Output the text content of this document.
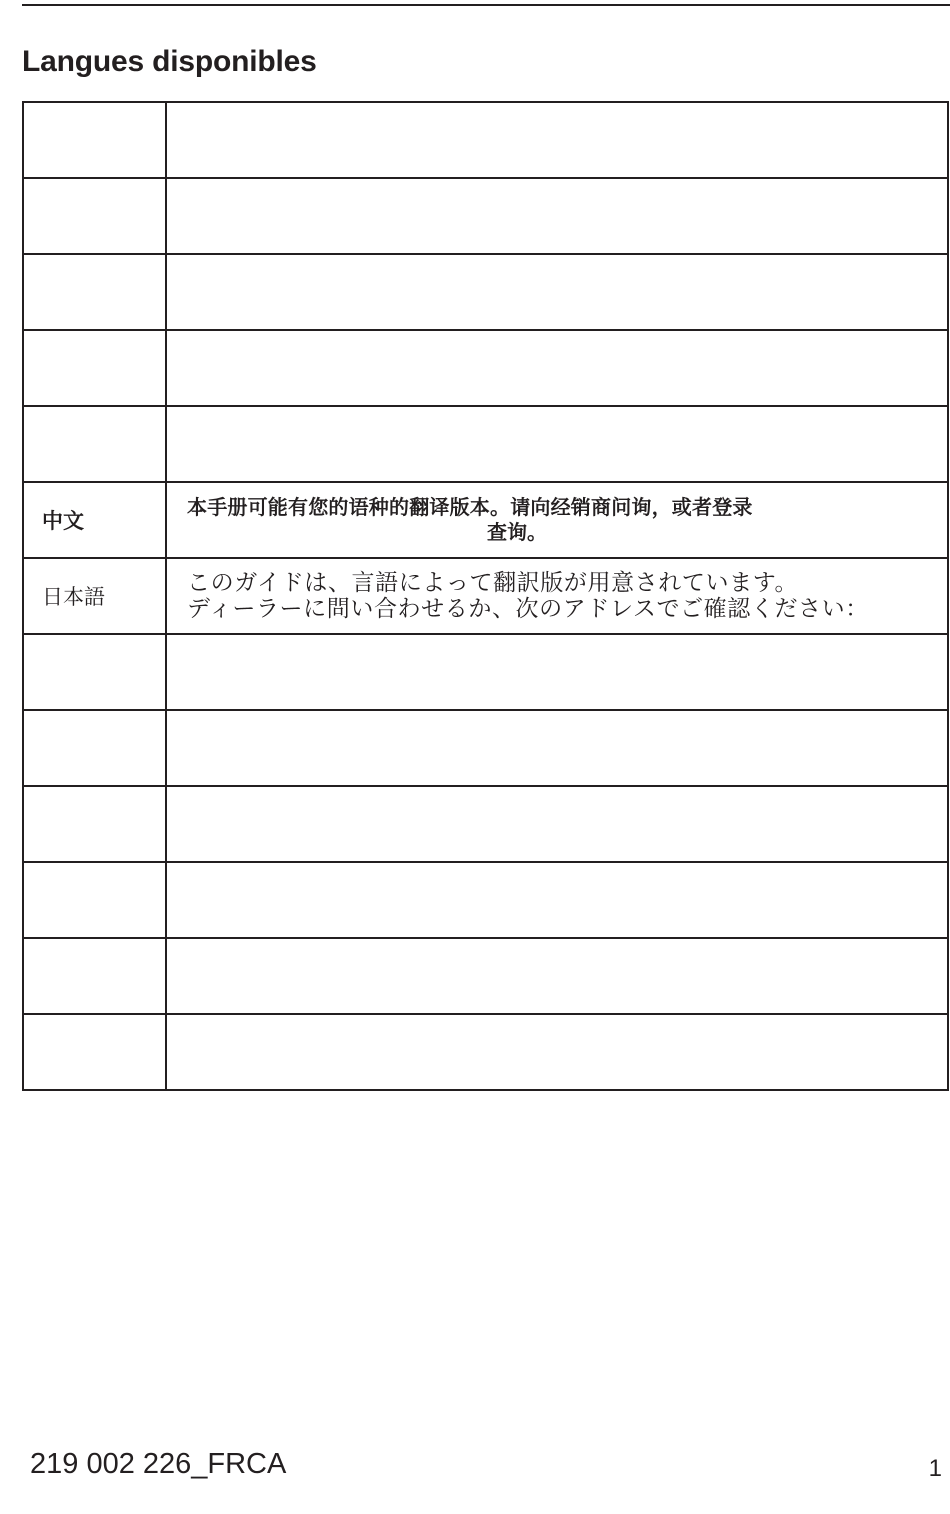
Langues disponibles

中文	本手册可能有您的语种的翻译版本。请向经销商问询，或者登录
查询。

日本語	このガイドは、言語によって翻訳版が用意されています。
ディーラーに問い合わせるか、次のアドレスでご確認ください：

219 002 226_FRCA	1
